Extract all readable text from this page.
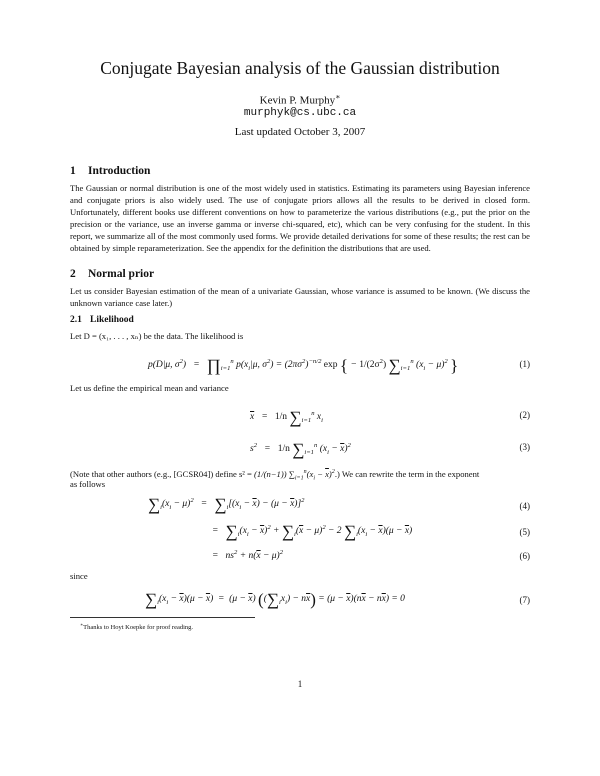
Conjugate Bayesian analysis of the Gaussian distribution
Kevin P. Murphy∗
murphyk@cs.ubc.ca
Last updated October 3, 2007
1 Introduction
The Gaussian or normal distribution is one of the most widely used in statistics. Estimating its parameters using Bayesian inference and conjugate priors is also widely used. The use of conjugate priors allows all the results to be derived in closed form. Unfortunately, different books use different conventions on how to parameterize the various distributions (e.g., put the prior on the precision or the variance, use an inverse gamma or inverse chi-squared, etc), which can be very confusing for the student. In this report, we summarize all of the most commonly used forms. We provide detailed derivations for some of these results; the rest can be obtained by simple reparameterization. See the appendix for the definition the distributions that are used.
2 Normal prior
Let us consider Bayesian estimation of the mean of a univariate Gaussian, whose variance is assumed to be known. (We discuss the unknown variance case later.)
2.1 Likelihood
Let D = (x₁, . . . , xₙ) be the data. The likelihood is
p(D|μ, $\sigma^2$)   =   $\prod_{i=1}^n$ $p(x_i|\mu$, $\sigma^2) = (2\pi\sigma^2)^{-n/2}$ exp { − $1/(2\sigma^2)$ $\sum_{i=1}^n$ $(x_i - \mu)^2$ }	(1)
Let us define the empirical mean and variance
$\overline{x} = 1/n$ $\sum_{i=1}^n$ $x_i$
(2)
$s^2 = 1/n$ $\sum_{i=1}^n$ $(x_i - \overline{x})^2$	(3)
(Note that other authors (e.g., [GCSR04]) define s² = (1/(n−1)) $\sum_{i=1}^n(x_i - \overline{x})^2$.) We can rewrite the term in the exponent
as follows
$\sum_i(x_i - \mu)^2 = \sum_i[(x_i - \overline{x}) - (\mu - \overline{x})]^2$
(4)
=   $\sum_i(x_i - \overline{x})^2 + \sum_i(\overline{x} - \mu)^2 - 2$ $\sum_i(x_i - \overline{x})(\mu - \overline{x})$	(5)
=   $ns^2 + n(\overline{x} - \mu)^2$	(6)
since
$\sum_i(x_i - \overline{x})(\mu - \overline{x}) = (\mu - \overline{x}) ((\sum_ix_i) - n\overline{x}) = (\mu - \overline{x})(n\overline{x} - n\overline{x}) = 0$	(7)
∗Thanks to Hoyt Koepke for proof reading.
1
